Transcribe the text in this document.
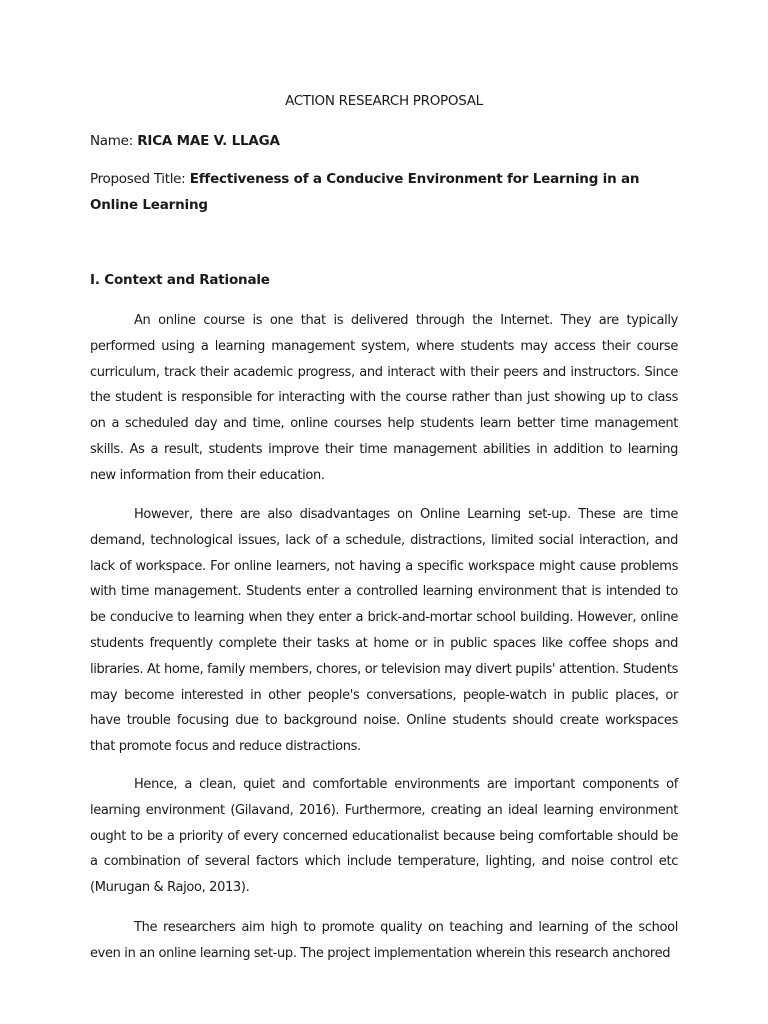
ACTION RESEARCH PROPOSAL
Name: RICA MAE V. LLAGA
Proposed Title: Effectiveness of a Conducive Environment for Learning in an Online Learning
I. Context and Rationale

An online course is one that is delivered through the Internet. They are typically performed using a learning management system, where students may access their course curriculum, track their academic progress, and interact with their peers and instructors. Since the student is responsible for interacting with the course rather than just showing up to class on a scheduled day and time, online courses help students learn better time management skills. As a result, students improve their time management abilities in addition to learning new information from their education.

However, there are also disadvantages on Online Learning set-up. These are time demand, technological issues, lack of a schedule, distractions, limited social interaction, and lack of workspace. For online learners, not having a specific workspace might cause problems with time management. Students enter a controlled learning environment that is intended to be conducive to learning when they enter a brick-and-mortar school building. However, online students frequently complete their tasks at home or in public spaces like coffee shops and libraries. At home, family members, chores, or television may divert pupils' attention. Students may become interested in other people's conversations, people-watch in public places, or have trouble focusing due to background noise. Online students should create workspaces that promote focus and reduce distractions.

Hence, a clean, quiet and comfortable environments are important components of learning environment (Gilavand, 2016). Furthermore, creating an ideal learning environment ought to be a priority of every concerned educationalist because being comfortable should be a combination of several factors which include temperature, lighting, and noise control etc (Murugan & Rajoo, 2013).

The researchers aim high to promote quality on teaching and learning of the school even in an online learning set-up. The project implementation wherein this research anchored
